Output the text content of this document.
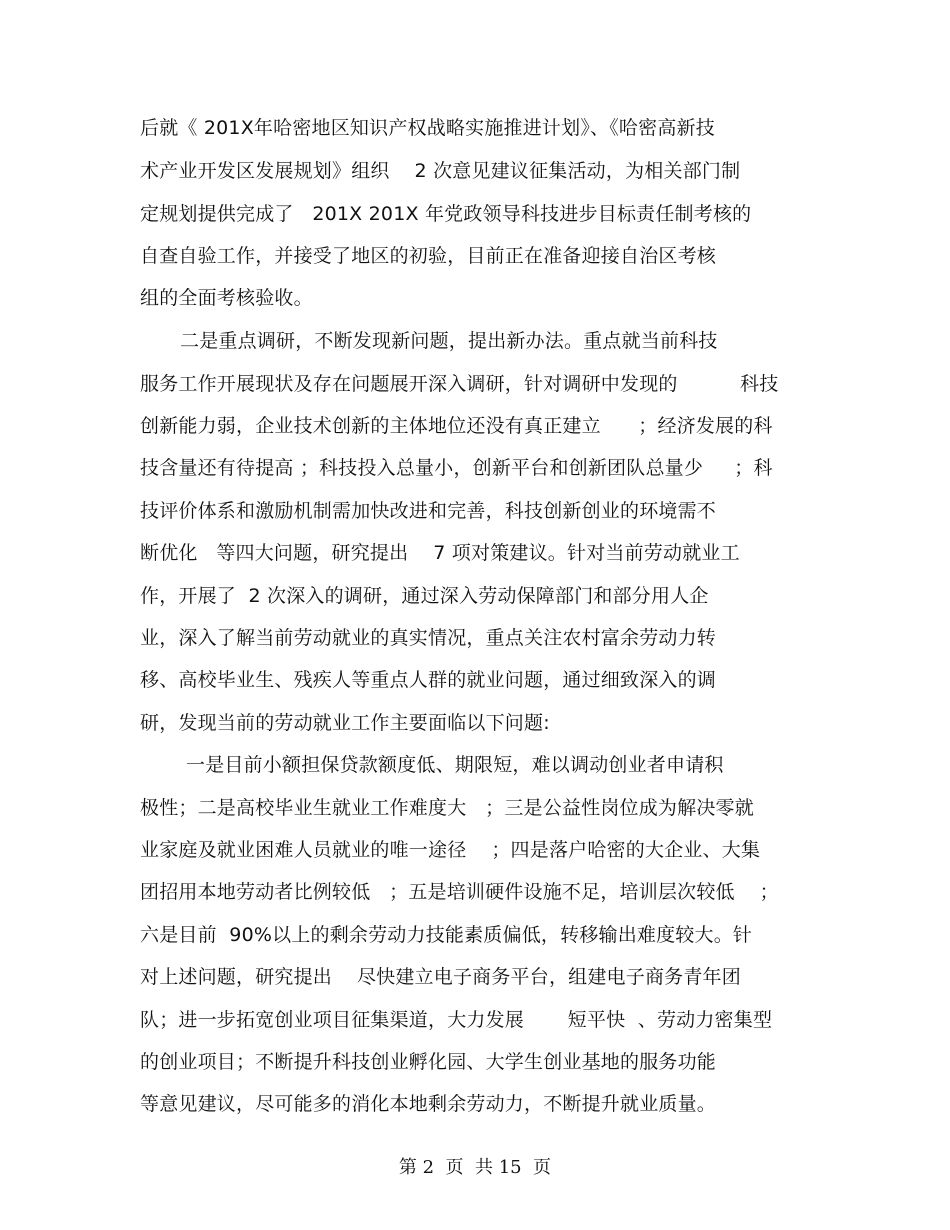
后就《 201X年哈密地区知识产权战略实施推进计划》、《哈密高新技
术产业开发区发展规划》组织    2 次意见建议征集活动，为相关部门制
定规划提供完成了   201X 201X 年党政领导科技进步目标责任制考核的
自查自验工作，并接受了地区的初验，目前正在准备迎接自治区考核
组的全面考核验收。
二是重点调研，不断发现新问题，提出新办法。重点就当前科技
服务工作开展现状及存在问题展开深入调研，针对调研中发现的          科技
创新能力弱，企业技术创新的主体地位还没有真正建立      ；经济发展的科
技含量还有待提高 ；科技投入总量小，创新平台和创新团队总量少     ；科
技评价体系和激励机制需加快改进和完善，科技创新创业的环境需不
断优化   等四大问题，研究提出    7 项对策建议。针对当前劳动就业工
作，开展了  2 次深入的调研，通过深入劳动保障部门和部分用人企
业，深入了解当前劳动就业的真实情况，重点关注农村富余劳动力转
移、高校毕业生、残疾人等重点人群的就业问题，通过细致深入的调
研，发现当前的劳动就业工作主要面临以下问题:
一是目前小额担保贷款额度低、期限短，难以调动创业者申请积
极性；二是高校毕业生就业工作难度大   ；三是公益性岗位成为解决零就
业家庭及就业困难人员就业的唯一途径    ；四是落户哈密的大企业、大集
团招用本地劳动者比例较低   ；五是培训硬件设施不足，培训层次较低    ；
六是目前  90%以上的剩余劳动力技能素质偏低，转移输出难度较大。针
对上述问题，研究提出    尽快建立电子商务平台，组建电子商务青年团
队；进一步拓宽创业项目征集渠道，大力发展       短平快  、劳动力密集型
的创业项目；不断提升科技创业孵化园、大学生创业基地的服务功能
等意见建议，尽可能多的消化本地剩余劳动力，不断提升就业质量。
第 2  页  共 15  页
